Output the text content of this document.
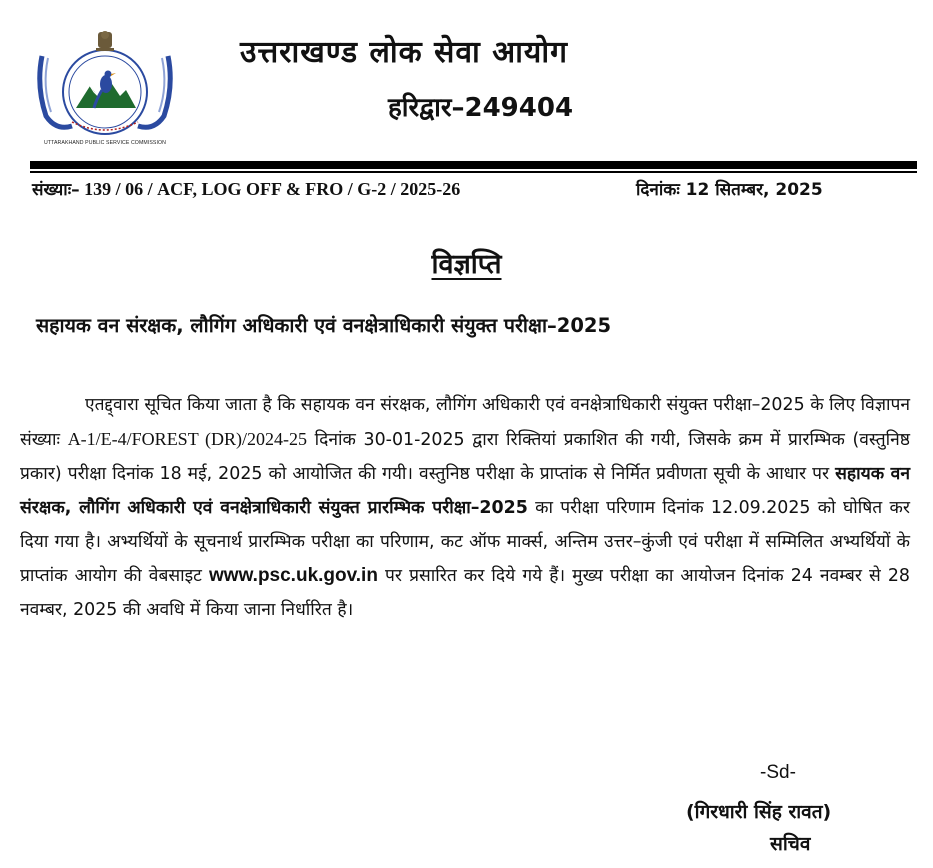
UTTARAKHAND PUBLIC SERVICE COMMISSION
उत्तराखण्ड लोक सेवा आयोग
हरिद्वार–249404
संख्याः– 139 / 06 / ACF, LOG OFF & FRO / G-2 / 2025-26	दिनांकः 12 सितम्बर, 2025
विज्ञप्ति
सहायक वन संरक्षक, लौगिंग अधिकारी एवं वनक्षेत्राधिकारी संयुक्त परीक्षा–2025
एतद्द्वारा सूचित किया जाता है कि सहायक वन संरक्षक, लौगिंग अधिकारी एवं वनक्षेत्राधिकारी संयुक्त परीक्षा–2025 के लिए विज्ञापन संख्याः A-1/E-4/FOREST (DR)/2024-25 दिनांक 30-01-2025 द्वारा रिक्तियां प्रकाशित की गयी, जिसके क्रम में प्रारम्भिक (वस्तुनिष्ठ प्रकार) परीक्षा दिनांक 18 मई, 2025 को आयोजित की गयी। वस्तुनिष्ठ परीक्षा के प्राप्तांक से निर्मित प्रवीणता सूची के आधार पर सहायक वन संरक्षक, लौगिंग अधिकारी एवं वनक्षेत्राधिकारी संयुक्त प्रारम्भिक परीक्षा–2025 का परीक्षा परिणाम दिनांक 12.09.2025 को घोषित कर दिया गया है। अभ्यर्थियों के सूचनार्थ प्रारम्भिक परीक्षा का परिणाम, कट ऑफ मार्क्स, अन्तिम उत्तर–कुंजी एवं परीक्षा में सम्मिलित अभ्यर्थियों के प्राप्तांक आयोग की वेबसाइट www.psc.uk.gov.in पर प्रसारित कर दिये गये हैं। मुख्य परीक्षा का आयोजन दिनांक 24 नवम्बर से 28 नवम्बर, 2025 की अवधि में किया जाना निर्धारित है।
-Sd-
(गिरधारी सिंह रावत)
सचिव
